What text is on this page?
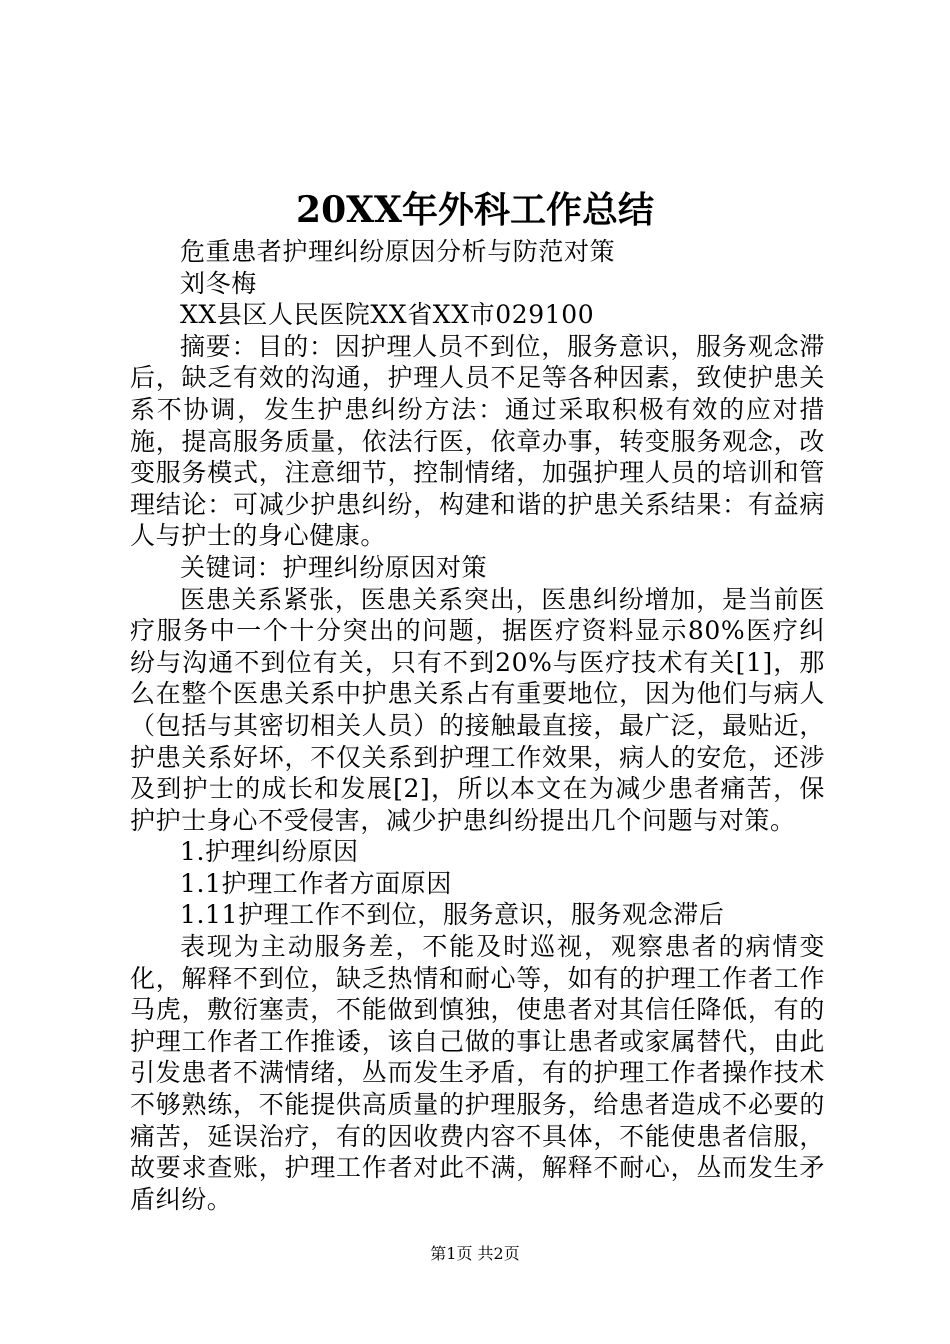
20XX年外科工作总结

危重患者护理纠纷原因分析与防范对策

刘冬梅

XX县区人民医院XX省XX市029100

摘要：目的：因护理人员不到位，服务意识，服务观念滞后，缺乏有效的沟通，护理人员不足等各种因素，致使护患关系不协调，发生护患纠纷方法：通过采取积极有效的应对措施，提高服务质量，依法行医，依章办事，转变服务观念，改变服务模式，注意细节，控制情绪，加强护理人员的培训和管理结论：可减少护患纠纷，构建和谐的护患关系结果：有益病人与护士的身心健康。

关键词：护理纠纷原因对策

医患关系紧张，医患关系突出，医患纠纷增加，是当前医疗服务中一个十分突出的问题，据医疗资料显示80%医疗纠纷与沟通不到位有关，只有不到20%与医疗技术有关[1]，那么在整个医患关系中护患关系占有重要地位，因为他们与病人（包括与其密切相关人员）的接触最直接，最广泛，最贴近，护患关系好坏，不仅关系到护理工作效果，病人的安危，还涉及到护士的成长和发展[2]，所以本文在为减少患者痛苦，保护护士身心不受侵害，减少护患纠纷提出几个问题与对策。

1.护理纠纷原因

1.1护理工作者方面原因

1.11护理工作不到位，服务意识，服务观念滞后

表现为主动服务差，不能及时巡视，观察患者的病情变化，解释不到位，缺乏热情和耐心等，如有的护理工作者工作马虎，敷衍塞责，不能做到慎独，使患者对其信任降低，有的护理工作者工作推诿，该自己做的事让患者或家属替代，由此引发患者不满情绪，丛而发生矛盾，有的护理工作者操作技术不够熟练，不能提供高质量的护理服务，给患者造成不必要的痛苦，延误治疗，有的因收费内容不具体，不能使患者信服，故要求查账，护理工作者对此不满，解释不耐心，丛而发生矛盾纠纷。

第1页 共2页
